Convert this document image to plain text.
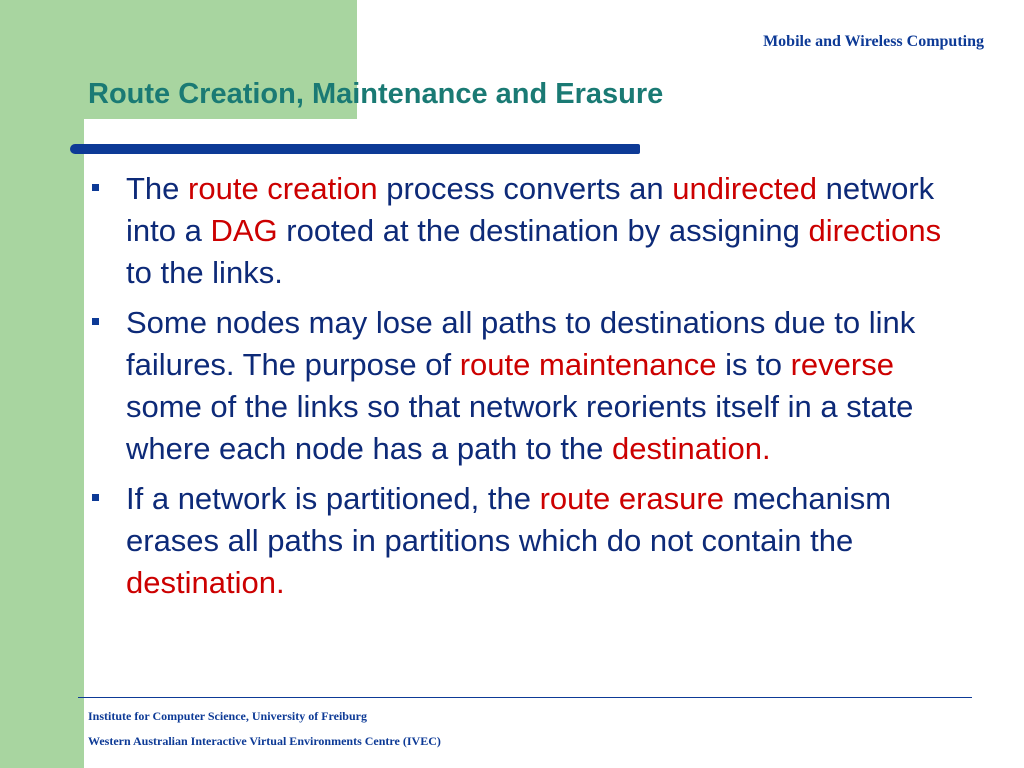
Mobile and Wireless Computing
Route Creation, Maintenance and Erasure
The route creation process converts an undirected network into a DAG rooted at the destination by assigning directions to the links.
Some nodes may lose all paths to destinations due to link failures. The purpose of route maintenance is to reverse some of the links so that network reorients itself in a state where each node has a path to the destination.
If a network is partitioned, the route erasure mechanism erases all paths in partitions which do not contain the destination.
Institute for Computer Science, University of Freiburg
Western Australian Interactive Virtual Environments Centre (IVEC)
